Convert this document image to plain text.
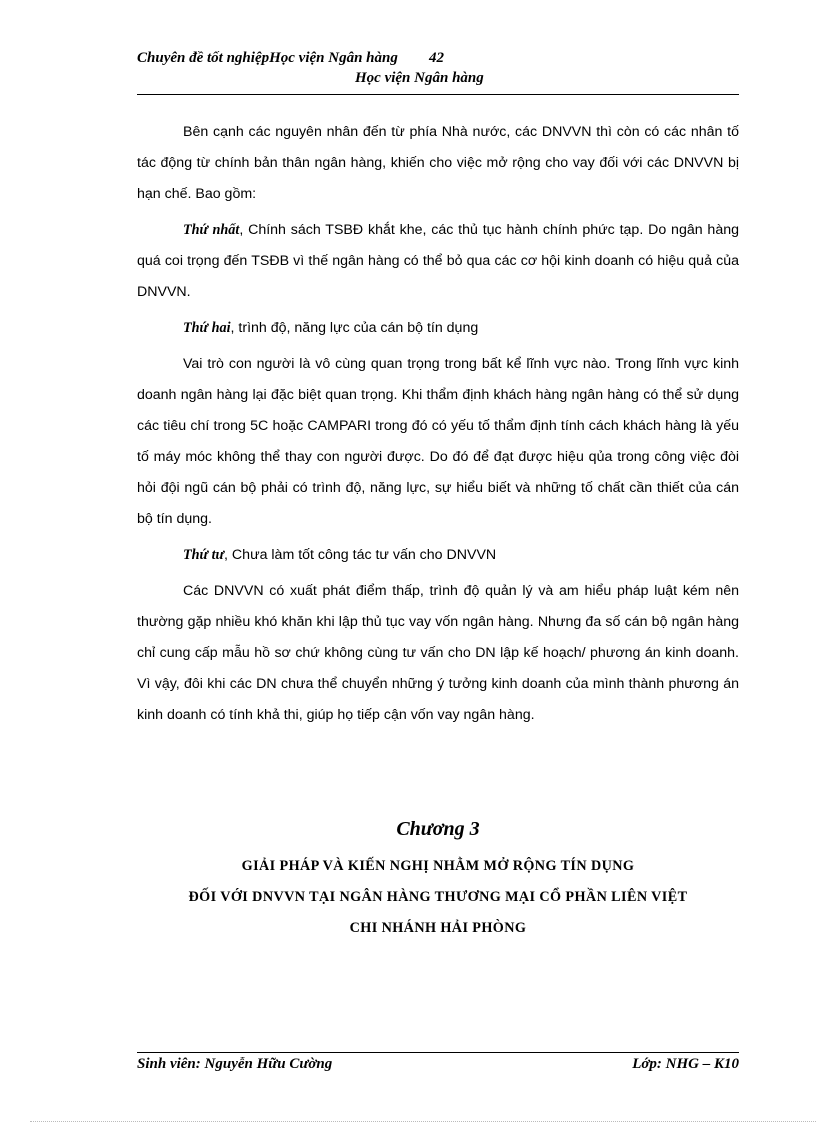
Chuyên đề tốt nghiệpHọc viện Ngân hàng 42
Học viện Ngân hàng

Bên cạnh các nguyên nhân đến từ phía Nhà nước, các DNVVN thì còn có các nhân tố tác động từ chính bản thân ngân hàng, khiến cho việc mở rộng cho vay đối với các DNVVN bị hạn chế. Bao gồm:

Thứ nhất, Chính sách TSBĐ khắt khe, các thủ tục hành chính phức tạp. Do ngân hàng quá coi trọng đến TSĐB vì thế ngân hàng có thể bỏ qua các cơ hội kinh doanh có hiệu quả của DNVVN.

Thứ hai, trình độ, năng lực của cán bộ tín dụng

Vai trò con người là vô cùng quan trọng trong bất kể lĩnh vực nào. Trong lĩnh vực kinh doanh ngân hàng lại đặc biệt quan trọng. Khi thẩm định khách hàng ngân hàng có thể sử dụng các tiêu chí trong 5C hoặc CAMPARI trong đó có yếu tố thẩm định tính cách khách hàng là yếu tố máy móc không thể thay con người được. Do đó để đạt được hiệu qủa trong công việc đòi hỏi đội ngũ cán bộ phải có trình độ, năng lực, sự hiểu biết và những tố chất cần thiết của cán bộ tín dụng.

Thứ tư, Chưa làm tốt công tác tư vấn cho DNVVN

Các DNVVN có xuất phát điểm thấp, trình độ quản lý và am hiểu pháp luật kém nên thường gặp nhiều khó khăn khi lập thủ tục vay vốn ngân hàng. Nhưng đa số cán bộ ngân hàng chỉ cung cấp mẫu hồ sơ chứ không cùng tư vấn cho DN lập kế hoạch/ phương án kinh doanh. Vì vậy, đôi khi các DN chưa thể chuyển những ý tưởng kinh doanh của mình thành phương án kinh doanh có tính khả thi, giúp họ tiếp cận vốn vay ngân hàng.

Chương 3
GIẢI PHÁP VÀ KIẾN NGHỊ NHẰM MỞ RỘNG TÍN DỤNG
ĐỐI VỚI DNVVN TẠI NGÂN HÀNG THƯƠNG MẠI CỔ PHẦN LIÊN VIỆT
CHI NHÁNH HẢI PHÒNG
Sinh viên: Nguyễn Hữu Cường	Lớp: NHG – K10
